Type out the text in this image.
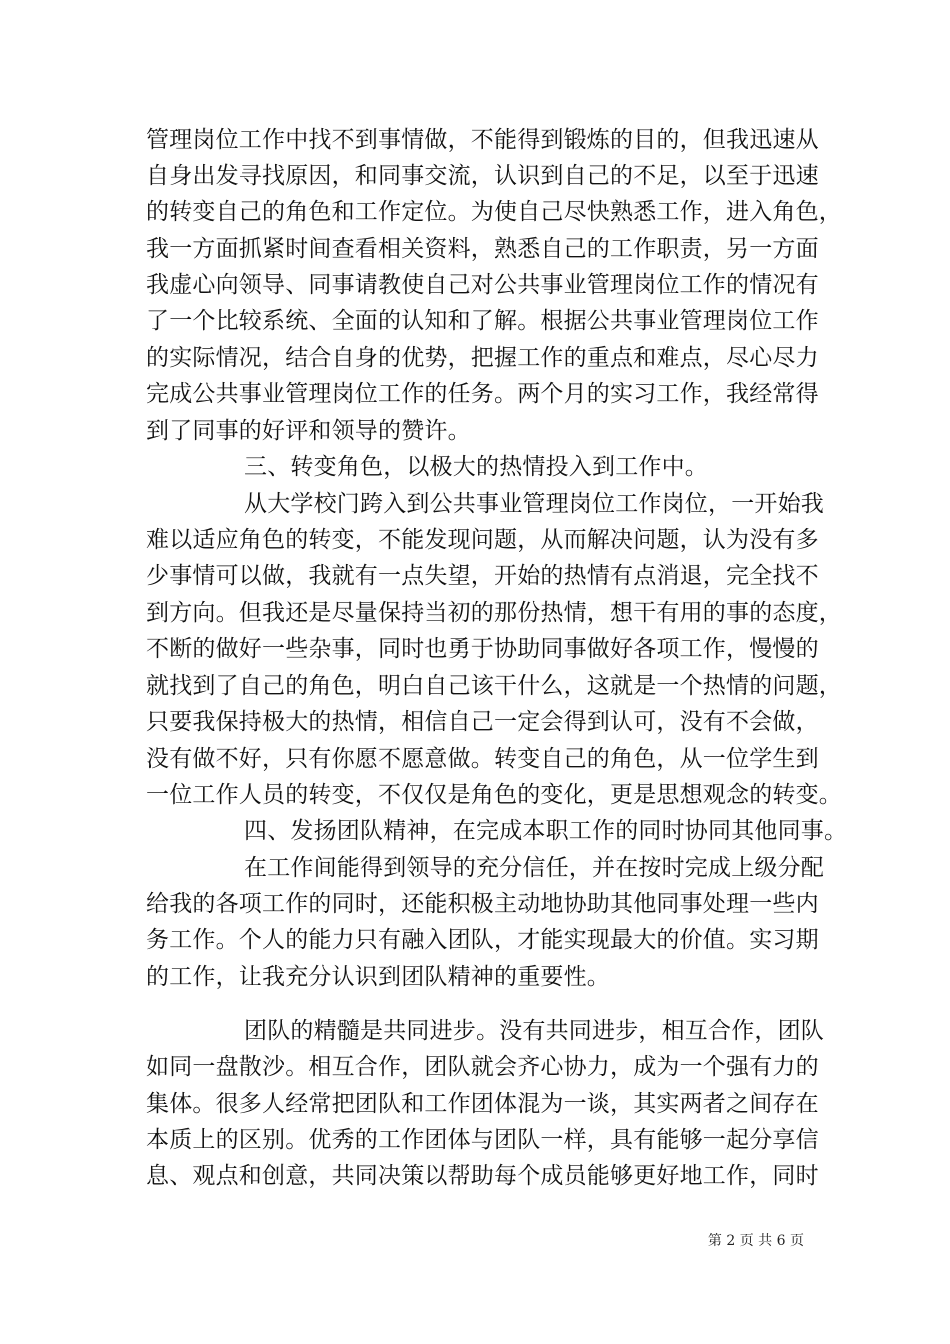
管理岗位工作中找不到事情做，不能得到锻炼的目的，但我迅速从
自身出发寻找原因，和同事交流，认识到自己的不足，以至于迅速
的转变自己的角色和工作定位。为使自己尽快熟悉工作，进入角色，
我一方面抓紧时间查看相关资料，熟悉自己的工作职责，另一方面
我虚心向领导、同事请教使自己对公共事业管理岗位工作的情况有
了一个比较系统、全面的认知和了解。根据公共事业管理岗位工作
的实际情况，结合自身的优势，把握工作的重点和难点，尽心尽力
完成公共事业管理岗位工作的任务。两个月的实习工作，我经常得
到了同事的好评和领导的赞许。
三、转变角色，以极大的热情投入到工作中。
从大学校门跨入到公共事业管理岗位工作岗位，一开始我
难以适应角色的转变，不能发现问题，从而解决问题，认为没有多
少事情可以做，我就有一点失望，开始的热情有点消退，完全找不
到方向。但我还是尽量保持当初的那份热情，想干有用的事的态度，
不断的做好一些杂事，同时也勇于协助同事做好各项工作，慢慢的
就找到了自己的角色，明白自己该干什么，这就是一个热情的问题，
只要我保持极大的热情，相信自己一定会得到认可，没有不会做，
没有做不好，只有你愿不愿意做。转变自己的角色，从一位学生到
一位工作人员的转变，不仅仅是角色的变化，更是思想观念的转变。
四、发扬团队精神，在完成本职工作的同时协同其他同事。
在工作间能得到领导的充分信任，并在按时完成上级分配
给我的各项工作的同时，还能积极主动地协助其他同事处理一些内
务工作。个人的能力只有融入团队，才能实现最大的价值。实习期
的工作，让我充分认识到团队精神的重要性。
团队的精髓是共同进步。没有共同进步，相互合作，团队
如同一盘散沙。相互合作，团队就会齐心协力，成为一个强有力的
集体。很多人经常把团队和工作团体混为一谈，其实两者之间存在
本质上的区别。优秀的工作团体与团队一样，具有能够一起分享信
息、观点和创意，共同决策以帮助每个成员能够更好地工作，同时
第 2 页 共 6 页
